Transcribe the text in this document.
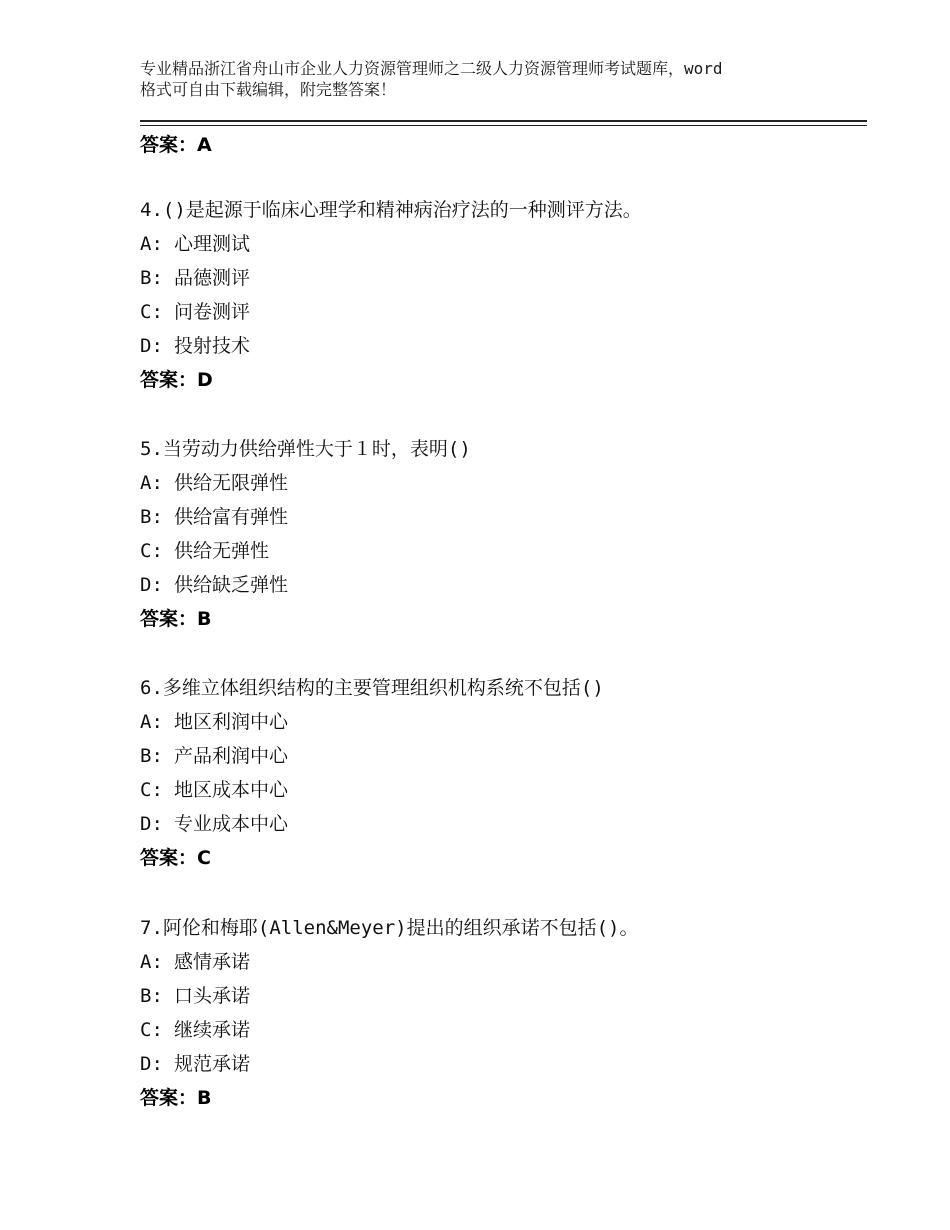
专业精品浙江省舟山市企业人力资源管理师之二级人力资源管理师考试题库，word
格式可自由下载编辑，附完整答案！
答案：A
4.()是起源于临床心理学和精神病治疗法的一种测评方法。
A: 心理测试
B: 品德测评
C: 问卷测评
D: 投射技术
答案：D
5.当劳动力供给弹性大于１时，表明()
A: 供给无限弹性
B: 供给富有弹性
C: 供给无弹性
D: 供给缺乏弹性
答案：B
6.多维立体组织结构的主要管理组织机构系统不包括()
A: 地区利润中心
B: 产品利润中心
C: 地区成本中心
D: 专业成本中心
答案：C
7.阿伦和梅耶(Allen&Meyer)提出的组织承诺不包括()。
A: 感情承诺
B: 口头承诺
C: 继续承诺
D: 规范承诺
答案：B
